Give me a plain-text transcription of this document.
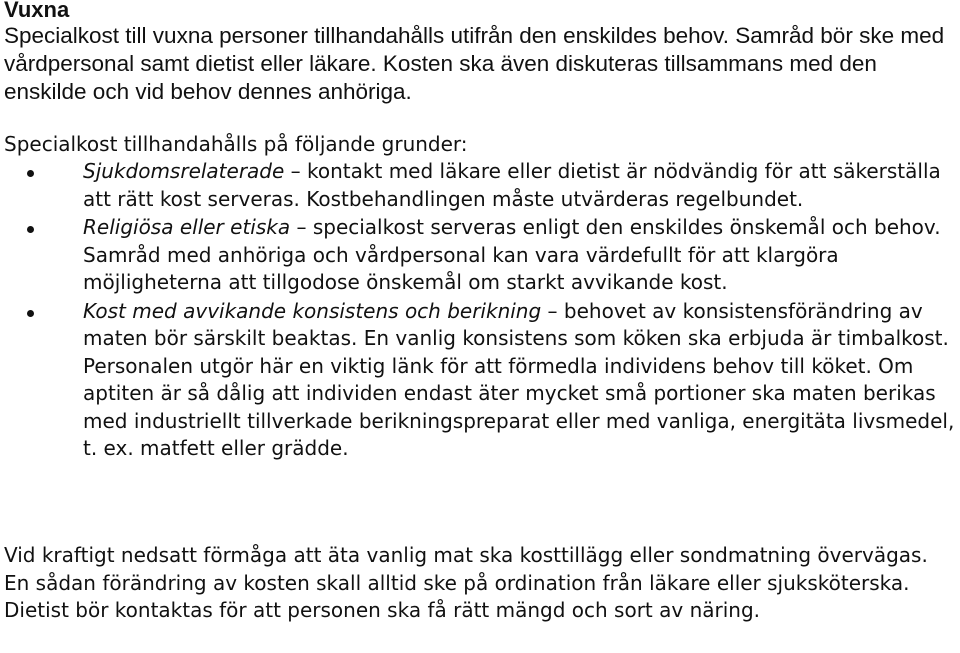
Vuxna

Specialkost till vuxna personer tillhandahålls utifrån den enskildes behov. Samråd bör ske med vårdpersonal samt dietist eller läkare. Kosten ska även diskuteras tillsammans med den enskilde och vid behov dennes anhöriga.

Specialkost tillhandahålls på följande grunder:

Sjukdomsrelaterade – kontakt med läkare eller dietist är nödvändig för att säkerställa att rätt kost serveras. Kostbehandlingen måste utvärderas regelbundet.
Religiösa eller etiska – specialkost serveras enligt den enskildes önskemål och behov. Samråd med anhöriga och vårdpersonal kan vara värdefullt för att klargöra möjligheterna att tillgodose önskemål om starkt avvikande kost.
Kost med avvikande konsistens och berikning – behovet av konsistensförändring av maten bör särskilt beaktas. En vanlig konsistens som köken ska erbjuda är timbalkost. Personalen utgör här en viktig länk för att förmedla individens behov till köket. Om aptiten är så dålig att individen endast äter mycket små portioner ska maten berikas med industriellt tillverkade berikningspreparat eller med vanliga, energitäta livsmedel, t. ex. matfett eller grädde.

Vid kraftigt nedsatt förmåga att äta vanlig mat ska kosttillägg eller sondmatning övervägas. En sådan förändring av kosten skall alltid ske på ordination från läkare eller sjuksköterska. Dietist bör kontaktas för att personen ska få rätt mängd och sort av näring.
